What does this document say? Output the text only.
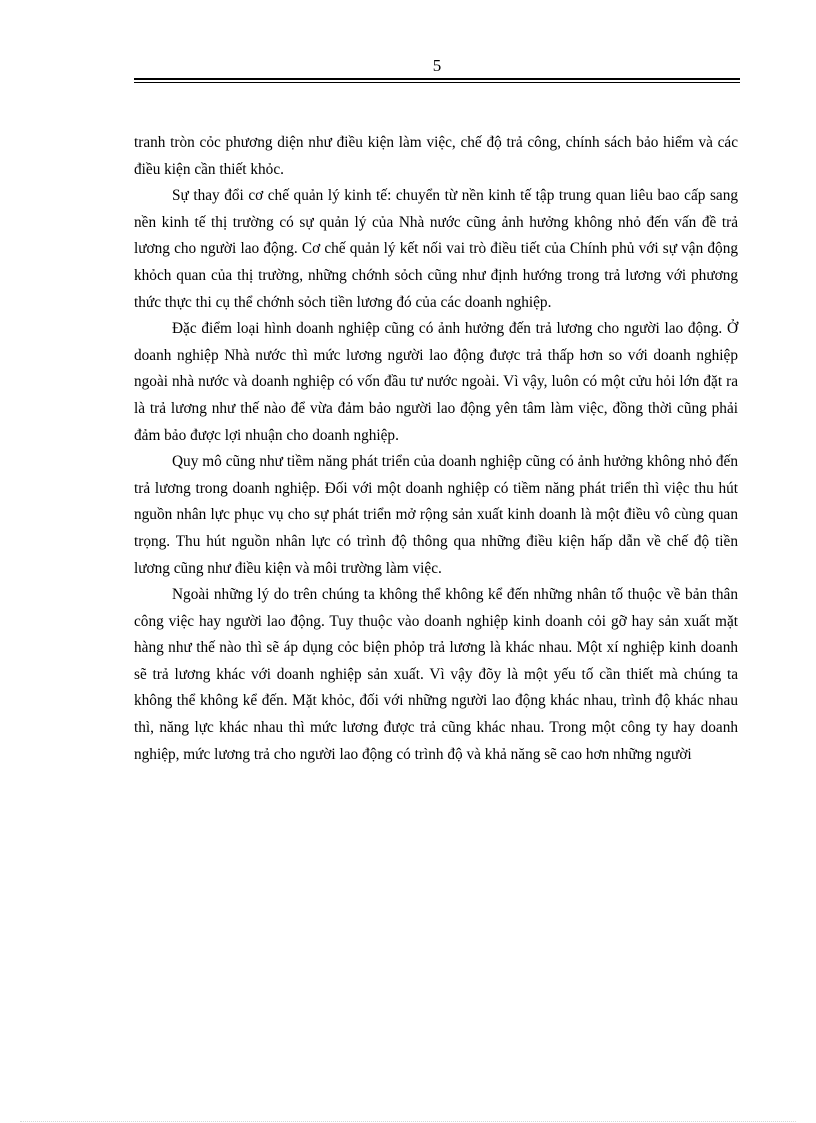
5

tranh tròn cỏc phương diện như điều kiện làm việc, chế độ trả công, chính sách bảo hiểm và các điều kiện cần thiết khỏc.

Sự thay đổi cơ chế quản lý kinh tế: chuyển từ nền kinh tế tập trung quan liêu bao cấp sang nền kinh tế thị trường có sự quản lý của Nhà nước cũng ảnh hưởng không nhỏ đến vấn đề trả lương cho người lao động. Cơ chế quản lý kết nối vai trò điều tiết của Chính phủ với sự vận động khỏch quan của thị trường, những chớnh sỏch cũng như định hướng trong trả lương với phương thức thực thi cụ thể chớnh sỏch tiền lương đó của các doanh nghiệp.

Đặc điểm loại hình doanh nghiệp cũng có ảnh hưởng đến trả lương cho người lao động. Ở doanh nghiệp Nhà nước thì mức lương người lao động được trả thấp hơn so với doanh nghiệp ngoài nhà nước và doanh nghiệp có vốn đầu tư nước ngoài. Vì vậy, luôn có một cửu hỏi lớn đặt ra là trả lương như thế nào để vừa đảm bảo người lao động yên tâm làm việc, đồng thời cũng phải đảm bảo được lợi nhuận cho doanh nghiệp.

Quy mô cũng như tiềm năng phát triển của doanh nghiệp cũng có ảnh hưởng không nhỏ đến trả lương trong doanh nghiệp. Đối với một doanh nghiệp có tiềm năng phát triển thì việc thu hút nguồn nhân lực phục vụ cho sự phát triển mở rộng sản xuất kinh doanh là một điều vô cùng quan trọng. Thu hút nguồn nhân lực có trình độ thông qua những điều kiện hấp dẫn về chế độ tiền lương cũng như điều kiện và môi trường làm việc.

Ngoài những lý do trên chúng ta không thể không kể đến những nhân tố thuộc về bản thân công việc hay người lao động. Tuy thuộc vào doanh nghiệp kinh doanh cỏi gỡ hay sản xuất mặt hàng như thế nào thì sẽ áp dụng cỏc biện phỏp trả lương là khác nhau. Một xí nghiệp kinh doanh sẽ trả lương khác với doanh nghiệp sản xuất. Vì vậy đõy là một yếu tố cần thiết mà chúng ta không thể không kể đến. Mặt khỏc, đối với những người lao động khác nhau, trình độ khác nhau thì, năng lực khác nhau thì mức lương được trả cũng khác nhau. Trong một công ty hay doanh nghiệp, mức lương trả cho người lao động có trình độ và khả năng sẽ cao hơn những người
